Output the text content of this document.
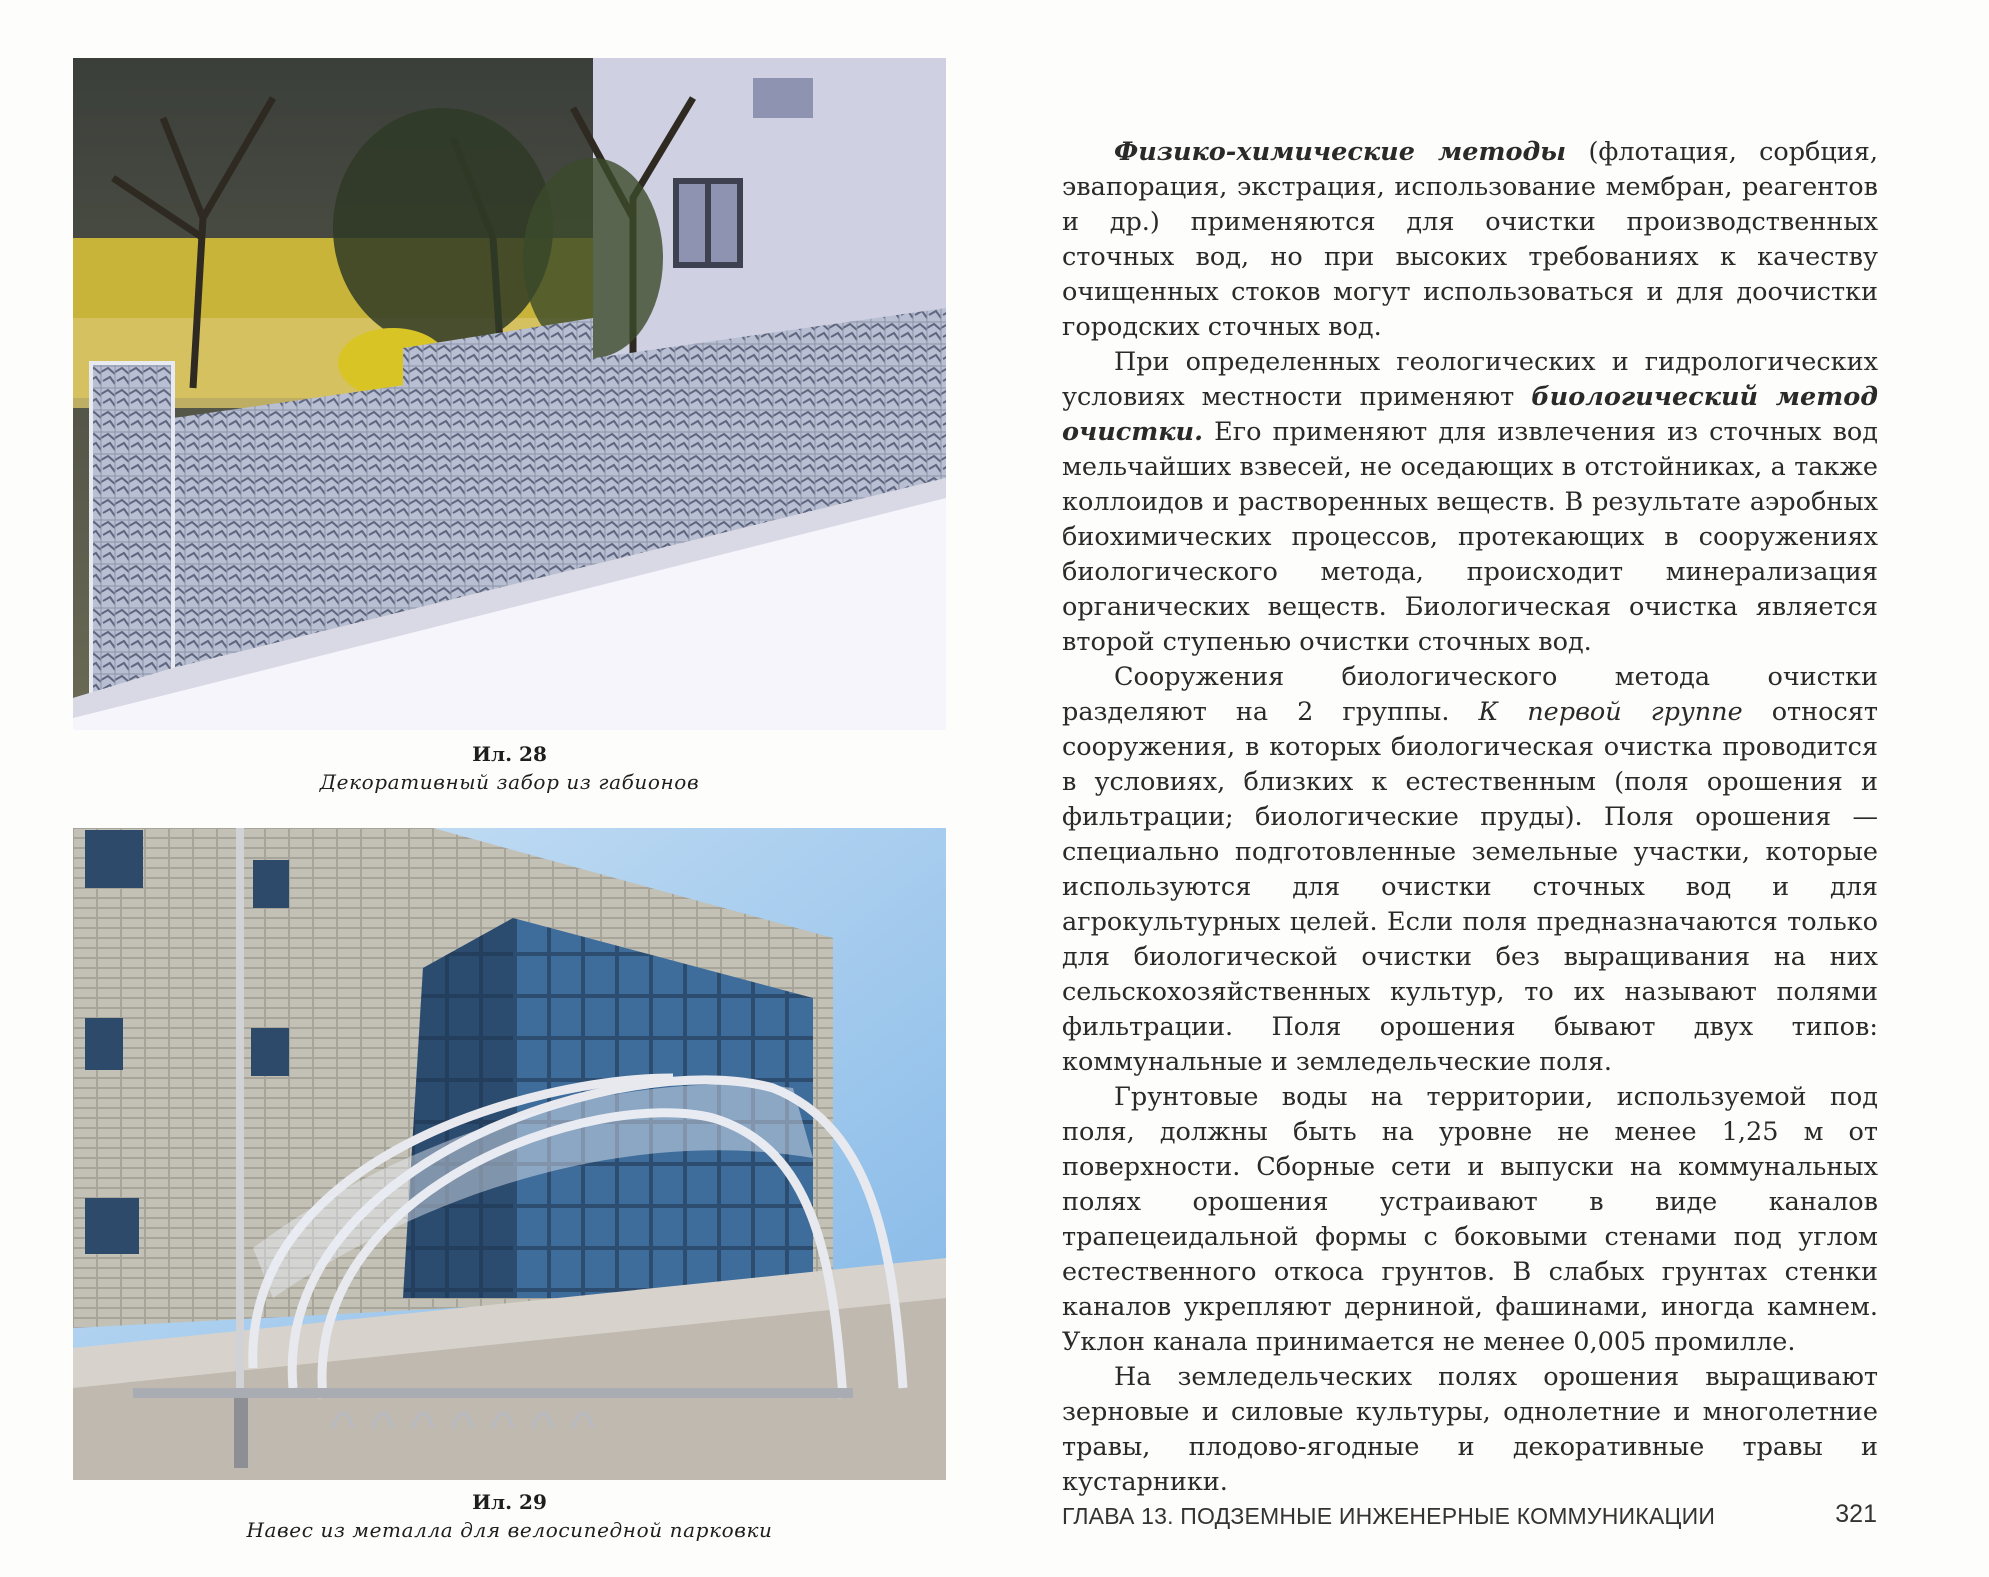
Ил. 28
Декоративный забор из габионов
Ил. 29
Навес из металла для велосипедной парковки

Физико-химические методы (флотация, сорбция, эвапорация, экстрация, использование мембран, реагентов и др.) применяются для очистки производственных сточных вод, но при высоких требованиях к качеству очищенных стоков могут использоваться и для доочистки городских сточных вод.

При определенных геологических и гидрологических условиях местности применяют биологический метод очистки. Его применяют для извлечения из сточных вод мельчайших взвесей, не оседающих в отстойниках, а также коллоидов и растворенных веществ. В результате аэробных биохимических процессов, протекающих в сооружениях биологического метода, происходит минерализация органических веществ. Биологическая очистка является второй ступенью очистки сточных вод.

Сооружения биологического метода очистки разделяют на 2 группы. К первой группе относят сооружения, в которых биологическая очистка проводится в условиях, близких к естественным (поля орошения и фильтрации; биологические пруды). Поля орошения — специально подготовленные земельные участки, которые используются для очистки сточных вод и для агрокультурных целей. Если поля предназначаются только для биологической очистки без выращивания на них сельскохозяйственных культур, то их называют полями фильтрации. Поля орошения бывают двух типов: коммунальные и земледельческие поля.

Грунтовые воды на территории, используемой под поля, должны быть на уровне не менее 1,25 м от поверхности. Сборные сети и выпуски на коммунальных полях орошения устраивают в виде каналов трапецеидальной формы с боковыми стенами под углом естественного откоса грунтов. В слабых грунтах стенки каналов укрепляют дерниной, фашинами, иногда камнем. Уклон канала принимается не менее 0,005 промилле.

На земледельческих полях орошения выращивают зерновые и силовые культуры, однолетние и многолетние травы, плодово-ягодные и декоративные травы и кустарники.

ГЛАВА 13. ПОДЗЕМНЫЕ ИНЖЕНЕРНЫЕ КОММУНИКАЦИИ	321
